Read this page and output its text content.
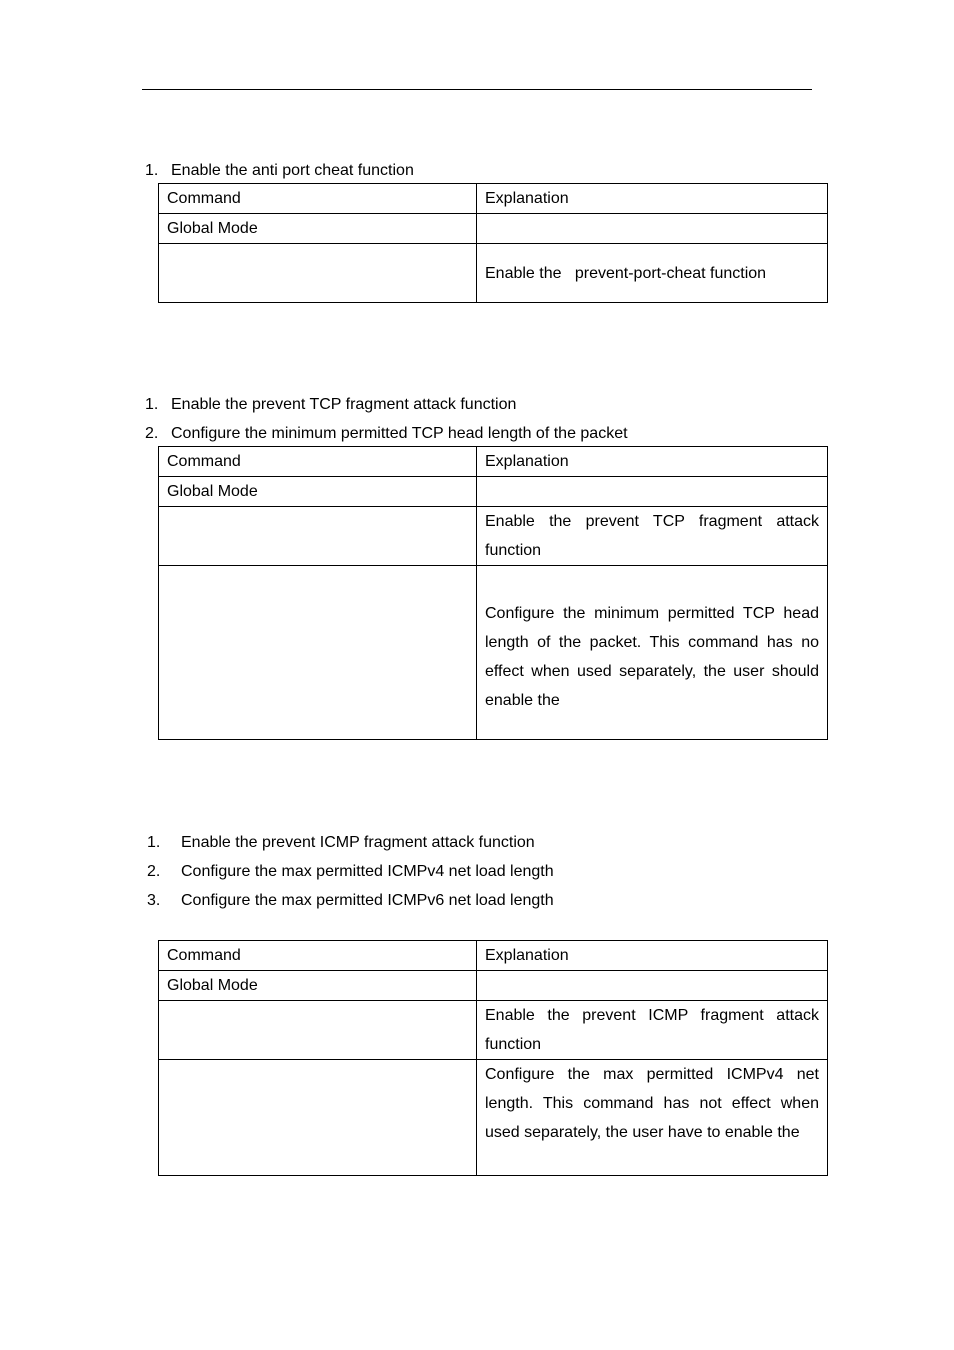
1. Enable the anti port cheat function
Command	Explanation
Global Mode	
	Enable the   prevent-port-cheat function
1. Enable the prevent TCP fragment attack function
2. Configure the minimum permitted TCP head length of the packet
Command	Explanation
Global Mode	
	Enable the prevent TCP fragment attack function
	Configure the minimum permitted TCP head length of the packet. This command has no effect when used separately, the user should enable the
1. Enable the prevent ICMP fragment attack function
2. Configure the max permitted ICMPv4 net load length
3. Configure the max permitted ICMPv6 net load length
Command	Explanation
Global Mode	
	Enable the prevent ICMP fragment attack function
	Configure the max permitted ICMPv4 net length. This command has not effect when used separately, the user have to enable the
